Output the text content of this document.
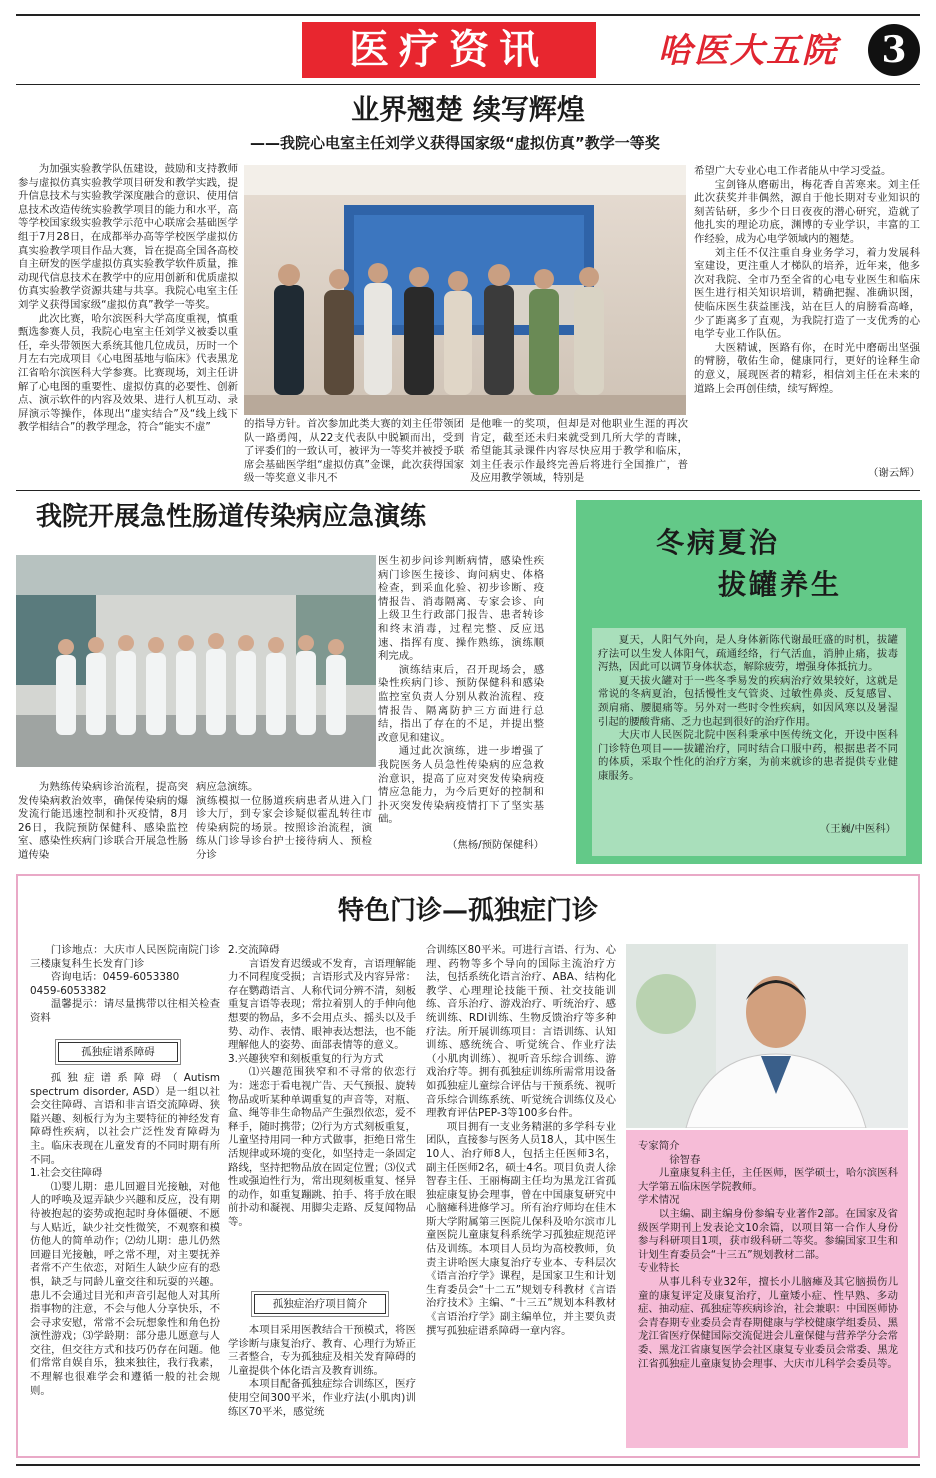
医疗资讯	哈医大五院	3
业界翘楚 续写辉煌
——我院心电室主任刘学义获得国家级“虚拟仿真”教学一等奖

为加强实验教学队伍建设，鼓励和支持教师参与虚拟仿真实验教学项目研发和教学实践，提升信息技术与实验教学深度融合的意识、使用信息技术改造传统实验教学项目的能力和水平，高等学校国家级实验教学示范中心联席会基础医学组于7月28日，在成都举办高等学校医学虚拟仿真实验教学项目作品大赛，旨在提高全国各高校自主研发的医学虚拟仿真实验教学软件质量，推动现代信息技术在教学中的应用创新和优质虚拟仿真实验教学资源共建与共享。我院心电室主任刘学义获得国家级“虚拟仿真”教学一等奖。

此次比赛，哈尔滨医科大学高度重视，慎重甄选参赛人员，我院心电室主任刘学义被委以重任，牵头带领医大系统其他几位成员，历时一个月左右完成项目《心电图基地与临床》代表黑龙江省哈尔滨医科大学参赛。比赛现场，刘主任讲解了心电图的重要性、虚拟仿真的必要性、创新点、演示软件的内容及效果、进行人机互动、录屏演示等操作，体现出“虚实结合”及“线上线下教学相结合”的教学理念，符合“能实不虚”	的指导方针。首次参加此类大赛的刘主任带领团队一路勇闯，从22支代表队中脱颖而出，受到了评委们的一致认可，被评为一等奖并被授予联席会基础医学组“虚拟仿真”金课，此次获得国家级一等奖意义非凡不

是他唯一的奖项，但却是对他职业生涯的再次肯定，截至还未归来就受到几所大学的青睐，希望能其录课件内容尽快应用于教学和临床，刘主任表示作最终完善后将进行全国推广，普及应用教学领域，特别是

希望广大专业心电工作者能从中学习受益。

宝剑锋从磨砺出，梅花香自苦寒来。刘主任此次获奖并非偶然，源自于他长期对专业知识的刻苦钻研，多少个日日夜夜的潜心研究，造就了他扎实的理论功底，渊博的专业学识，丰富的工作经验，成为心电学领域内的翘楚。

刘主任不仅注重自身业务学习，着力发展科室建设，更注重人才梯队的培养，近年来，他多次对我院、全市乃至全省的心电专业医生和临床医生进行相关知识培训，精确把握、准确识图，使临床医生获益匪浅，站在巨人的肩膀看高峰，少了距离多了直观，为我院打造了一支优秀的心电学专业工作队伍。

大医精诚，医路有你，在时光中磨砺出坚强的臂膀，敬佑生命，健康同行，更好的诠释生命的意义，展现医者的精彩，相信刘主任在未来的道路上会再创佳绩，续写辉煌。

（谢云辉）
我院开展急性肠道传染病应急演练

为熟练传染病诊治流程，提高突发传染病救治效率，确保传染病的爆发流行能迅速控制和扑灭疫情，8月26日，我院预防保健科、感染监控室、感染性疾病门诊联合开展急性肠道传染

病应急演练。
演练模拟一位肠道疾病患者从进入门诊大厅，到专家会诊疑似霍乱转往市传染病院的场景。按照诊治流程，演练从门诊导诊台护士接待病人、预检分诊

医生初步问诊判断病情，感染性疾病门诊医生接诊、询问病史、体格检查，到采血化验、初步诊断、疫情报告、消毒隔离、专家会诊、向上级卫生行政部门报告、患者转诊和终末消毒，过程完整、反应迅速、指挥有度、操作熟练，演练顺利完成。

演练结束后，召开现场会，感染性疾病门诊、预防保健科和感染监控室负责人分别从救治流程、疫情报告、隔离防护三方面进行总结，指出了存在的不足，并提出整改意见和建议。

通过此次演练，进一步增强了我院医务人员急性传染病的应急救治意识，提高了应对突发传染病疫情应急能力，为今后更好的控制和扑灭突发传染病疫情打下了坚实基础。

（焦杨/预防保健科）
冬病夏治
拔罐养生

夏天，人阳气外向，是人身体新陈代谢最旺盛的时机，拔罐疗法可以生发人体阳气，疏通经络，行气活血，消肿止痛，拔毒泻热，因此可以调节身体状态，解除疲劳，增强身体抵抗力。

夏天拔火罐对于一些冬季易发的疾病治疗效果较好，这就是常说的冬病夏治，包括慢性支气管炎、过敏性鼻炎、反复感冒、颈肩痛、腰腿痛等。另外对一些时令性疾病，如因风寒以及暑湿引起的腰酸背痛、乏力也起到很好的治疗作用。

大庆市人民医院北院中医科秉承中医传统文化，开设中医科门诊特色项目——拔罐治疗，同时结合口服中药，根据患者不同的体质，采取个性化的治疗方案，为前来就诊的患者提供专业健康服务。

（王巍/中医科）
特色门诊—孤独症门诊

门诊地点：大庆市人民医院南院门诊三楼康复科生长发育门诊

咨询电话：0459-6053380

0459-6053382

温馨提示：请尽量携带以往相关检查资料

孤独症谱系障碍

孤独症谱系障碍（Autism spectrum disorder, ASD）是一组以社会交往障碍、言语和非言语交流障碍、狭隘兴趣、刻板行为为主要特征的神经发育障碍性疾病，以社会广泛性发育障碍为主。临床表现在儿童发育的不同时期有所不同。

1.社会交往障碍

⑴婴儿期：患儿回避目光接触，对他人的呼唤及逗弄缺少兴趣和反应，没有期待被抱起的姿势或抱起时身体僵硬、不愿与人贴近，缺少社交性微笑，不观察和模仿他人的简单动作；⑵幼儿期：患儿仍然回避目光接触，呼之常不理，对主要抚养者常不产生依恋，对陌生人缺少应有的恐惧，缺乏与同龄儿童交往和玩耍的兴趣。患儿不会通过目光和声音引起他人对其所指事物的注意，不会与他人分享快乐，不会寻求安慰，常常不会玩想象性和角色扮演性游戏；⑶学龄期：部分患儿愿意与人交往，但交往方式和技巧仍存在问题。他们常常自娱自乐，独来独往，我行我素，不理解也很难学会和遵循一般的社会规则。

2.交流障碍

言语发育迟缓或不发育，言语理解能力不同程度受损；言语形式及内容异常：存在鹦鹉语言、人称代词分辨不清，刻板重复言语等表现；常拉着别人的手伸向他想要的物品，多不会用点头、摇头以及手势、动作、表情、眼神表达想法，也不能理解他人的姿势、面部表情等的意义。

3.兴趣狭窄和刻板重复的行为方式

⑴兴趣范围狭窄和不寻常的依恋行为：迷恋于看电视广告、天气预报、旋转物品或听某种单调重复的声音等，对瓶、盒、绳等非生命物品产生强烈依恋，爱不释手，随时携带；⑵行为方式刻板重复，儿童坚持用同一种方式做事，拒绝日常生活规律或环境的变化，如坚持走一条固定路线，坚持把物品放在固定位置；⑶仪式性或强迫性行为，常出现刻板重复、怪异的动作，如重复蹦跳、拍手、将手放在眼前扑动和凝视、用脚尖走路、反复闻物品等。

孤独症治疗项目简介

本项目采用医教结合干预模式，将医学诊断与康复治疗、教育、心理行为矫正三者整合，专为孤独症及相关发育障碍的儿童提供个体化语言及教育训练。

本项目配备孤独症综合训练区，医疗使用空间300平米，作业疗法(小肌肉)训练区70平米，感觉统

合训练区80平米。可进行言语、行为、心理、药物等多个导向的国际主流治疗方法，包括系统化语言治疗、ABA、结构化教学、心理理论技能干预、社交技能训练、音乐治疗、游戏治疗、听统治疗、感统训练、RDI训练、生物反馈治疗等多种疗法。所开展训练项目：言语训练、认知训练、感统统合、听觉统合、作业疗法（小肌肉训练）、视听音乐综合训练、游戏治疗等。拥有孤独症训练所需常用设备如孤独症儿童综合评估与干预系统、视听音乐综合训练系统、听觉统合训练仪及心理教育评估PEP-3等100多台件。

项目拥有一支业务精湛的多学科专业团队，直接参与医务人员18人，其中医生10人、治疗师8人，包括主任医师3名，副主任医师2名，硕士4名。项目负责人徐智春主任、王丽梅副主任均为黑龙江省孤独症康复协会理事，曾在中国康复研究中心脑瘫科进修学习。所有治疗师均在佳木斯大学附属第三医院儿保科及哈尔滨市儿童医院儿童康复科系统学习孤独症规范评估及训练。本项目人员均为高校教师，负责主讲哈医大康复治疗专业本、专科层次《语言治疗学》课程，是国家卫生和计划生育委员会“十二五”规划专科教材《言语治疗技术》主编、“十三五”规划本科教材《言语治疗学》副主编单位，并主要负责撰写孤独症谱系障碍一章内容。

专家简介

徐智春

儿童康复科主任，主任医师，医学硕士，哈尔滨医科大学第五临床医学院教师。

学术情况

以主编、副主编身份参编专业著作2部。在国家及省级医学期刊上发表论文10余篇，以项目第一合作人身份参与科研项目1项，获市级科研二等奖。参编国家卫生和计划生育委员会“十三五”规划教材二部。

专业特长

从事儿科专业32年，擅长小儿脑瘫及其它脑损伤儿童的康复评定及康复治疗，儿童矮小症、性早熟、多动症、抽动症、孤独症等疾病诊治，社会兼职：中国医师协会青春期专业委员会青春期健康与学校健康学组委员、黑龙江省医疗保健国际交流促进会儿童保健与营养学分会常委、黑龙江省康复医学会社区康复专业委员会常委、黑龙江省孤独症儿童康复协会理事、大庆市儿科学会委员等。
